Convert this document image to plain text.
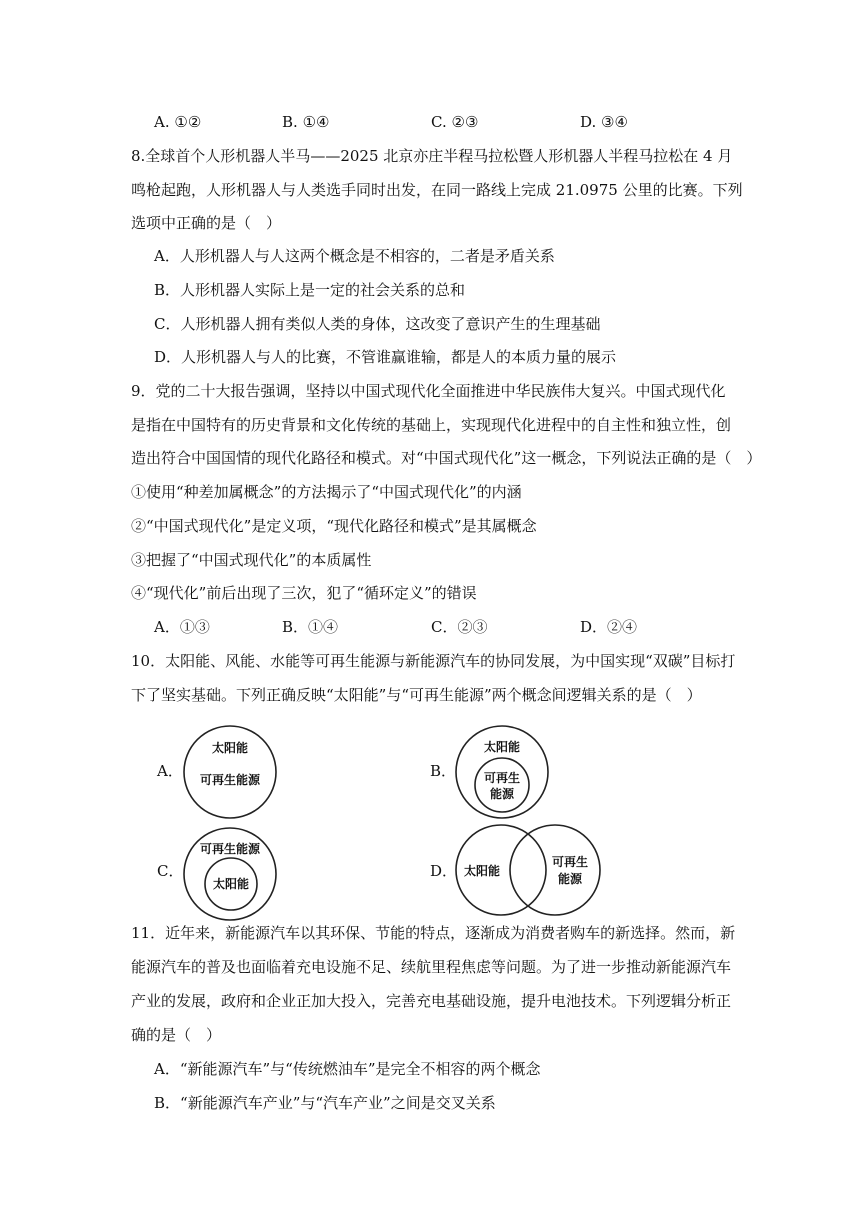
A. ①②	B. ①④	C. ②③	D. ③④
8.全球首个人形机器人半马——2025 北京亦庄半程马拉松暨人形机器人半程马拉松在 4 月
鸣枪起跑，人形机器人与人类选手同时出发，在同一路线上完成 21.0975 公里的比赛。下列
选项中正确的是（　）
A．人形机器人与人这两个概念是不相容的，二者是矛盾关系
B．人形机器人实际上是一定的社会关系的总和
C．人形机器人拥有类似人类的身体，这改变了意识产生的生理基础
D．人形机器人与人的比赛，不管谁赢谁输，都是人的本质力量的展示
9．党的二十大报告强调，坚持以中国式现代化全面推进中华民族伟大复兴。中国式现代化
是指在中国特有的历史背景和文化传统的基础上，实现现代化进程中的自主性和独立性，创
造出符合中国国情的现代化路径和模式。对“中国式现代化”这一概念，下列说法正确的是（　）
①使用“种差加属概念”的方法揭示了“中国式现代化”的内涵
②“中国式现代化”是定义项，“现代化路径和模式”是其属概念
③把握了“中国式现代化”的本质属性
④“现代化”前后出现了三次，犯了“循环定义”的错误
A．①③	B．①④	C．②③	D．②④
10．太阳能、风能、水能等可再生能源与新能源汽车的协同发展，为中国实现“双碳”目标打
下了坚实基础。下列正确反映“太阳能”与“可再生能源”两个概念间逻辑关系的是（　）
A．
太阳能
可再生能源	B．
太阳能
可再生
能源
C．
可再生能源
太阳能
D． 太阳能
可再生
能源
11．近年来，新能源汽车以其环保、节能的特点，逐渐成为消费者购车的新选择。然而，新
能源汽车的普及也面临着充电设施不足、续航里程焦虑等问题。为了进一步推动新能源汽车
产业的发展，政府和企业正加大投入，完善充电基础设施，提升电池技术。下列逻辑分析正
确的是（　）
A．“新能源汽车”与“传统燃油车”是完全不相容的两个概念
B．“新能源汽车产业”与“汽车产业”之间是交叉关系
